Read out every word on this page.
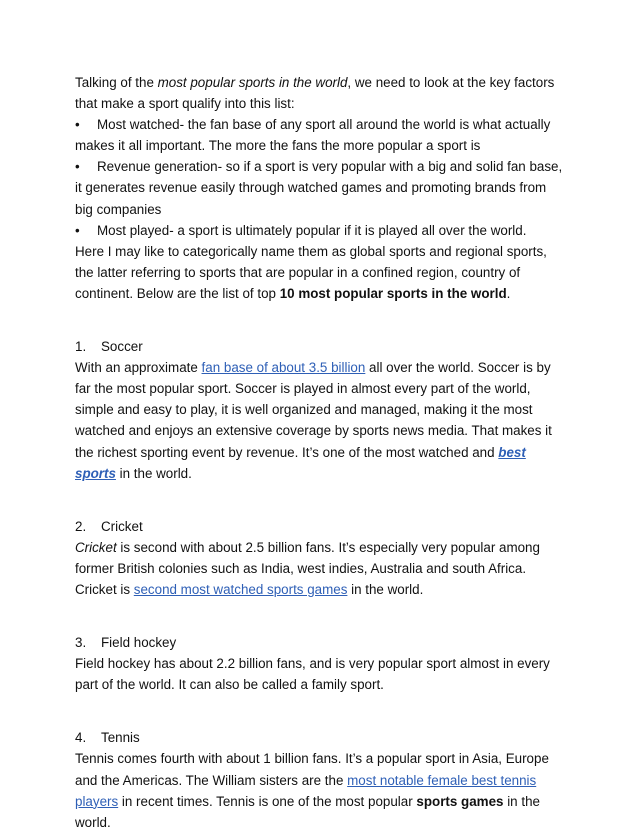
Talking of the most popular sports in the world, we need to look at the key factors that make a sport qualify into this list:

• Most watched- the fan base of any sport all around the world is what actually makes it all important. The more the fans the more popular a sport is

• Revenue generation- so if a sport is very popular with a big and solid fan base, it generates revenue easily through watched games and promoting brands from big companies

• Most played- a sport is ultimately popular if it is played all over the world.

Here I may like to categorically name them as global sports and regional sports, the latter referring to sports that are popular in a confined region, country of continent. Below are the list of top 10 most popular sports in the world.

1. Soccer

With an approximate fan base of about 3.5 billion all over the world. Soccer is by far the most popular sport. Soccer is played in almost every part of the world, simple and easy to play, it is well organized and managed, making it the most watched and enjoys an extensive coverage by sports news media. That makes it the richest sporting event by revenue. It’s one of the most watched and best sports in the world.

2. Cricket

Cricket is second with about 2.5 billion fans. It’s especially very popular among former British colonies such as India, west indies, Australia and south Africa. Cricket is second most watched sports games in the world.

3. Field hockey

Field hockey has about 2.2 billion fans, and is very popular sport almost in every part of the world. It can also be called a family sport.

4. Tennis

Tennis comes fourth with about 1 billion fans. It’s a popular sport in Asia, Europe and the Americas. The William sisters are the most notable female best tennis players in recent times. Tennis is one of the most popular sports games in the world.
